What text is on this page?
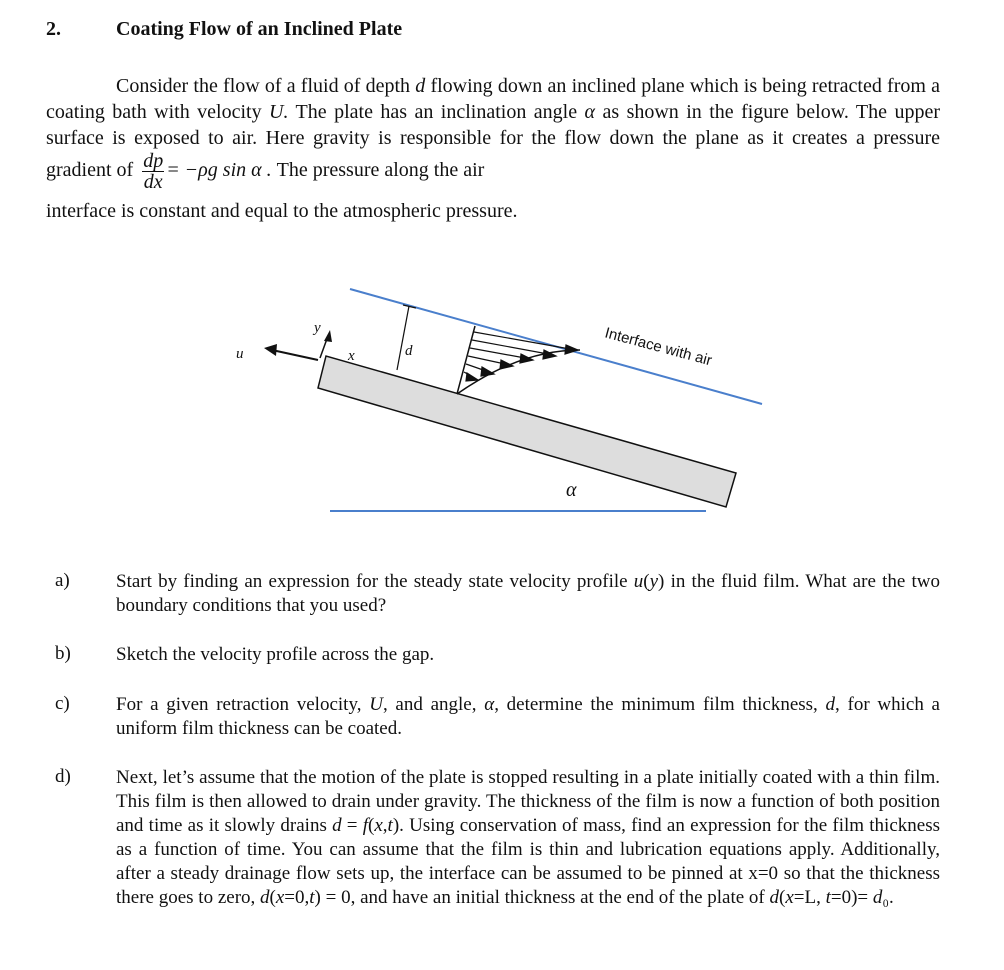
2.	Coating Flow of an Inclined Plate
Consider the flow of a fluid of depth d flowing down an inclined plane which is being retracted from a coating bath with velocity U. The plate has an inclination angle α as shown in the figure below. The upper surface is exposed to air. Here gravity is responsible for the flow down the plane as it creates a pressure gradient of $\frac{dp}{dx} = -\rho g$ sin α . The pressure along the air
interface is constant and equal to the atmospheric pressure.
u
y
x	d
α
Interface with air
a) Start by finding an expression for the steady state velocity profile u(y) in the fluid film. What are the two boundary conditions that you used?
b) Sketch the velocity profile across the gap.
c) For a given retraction velocity, U, and angle, α, determine the minimum film thickness, d, for which a uniform film thickness can be coated.
d) Next, let’s assume that the motion of the plate is stopped resulting in a plate initially coated with a thin film. This film is then allowed to drain under gravity. The thickness of the film is now a function of both position and time as it slowly drains d = f(x,t). Using conservation of mass, find an expression for the film thickness as a function of time. You can assume that the film is thin and lubrication equations apply. Additionally, after a steady drainage flow sets up, the interface can be assumed to be pinned at x=0 so that the thickness there goes to zero, d(x=0,t) = 0, and have an initial thickness at the end of the plate of d(x=L, t=0)= d₀.
